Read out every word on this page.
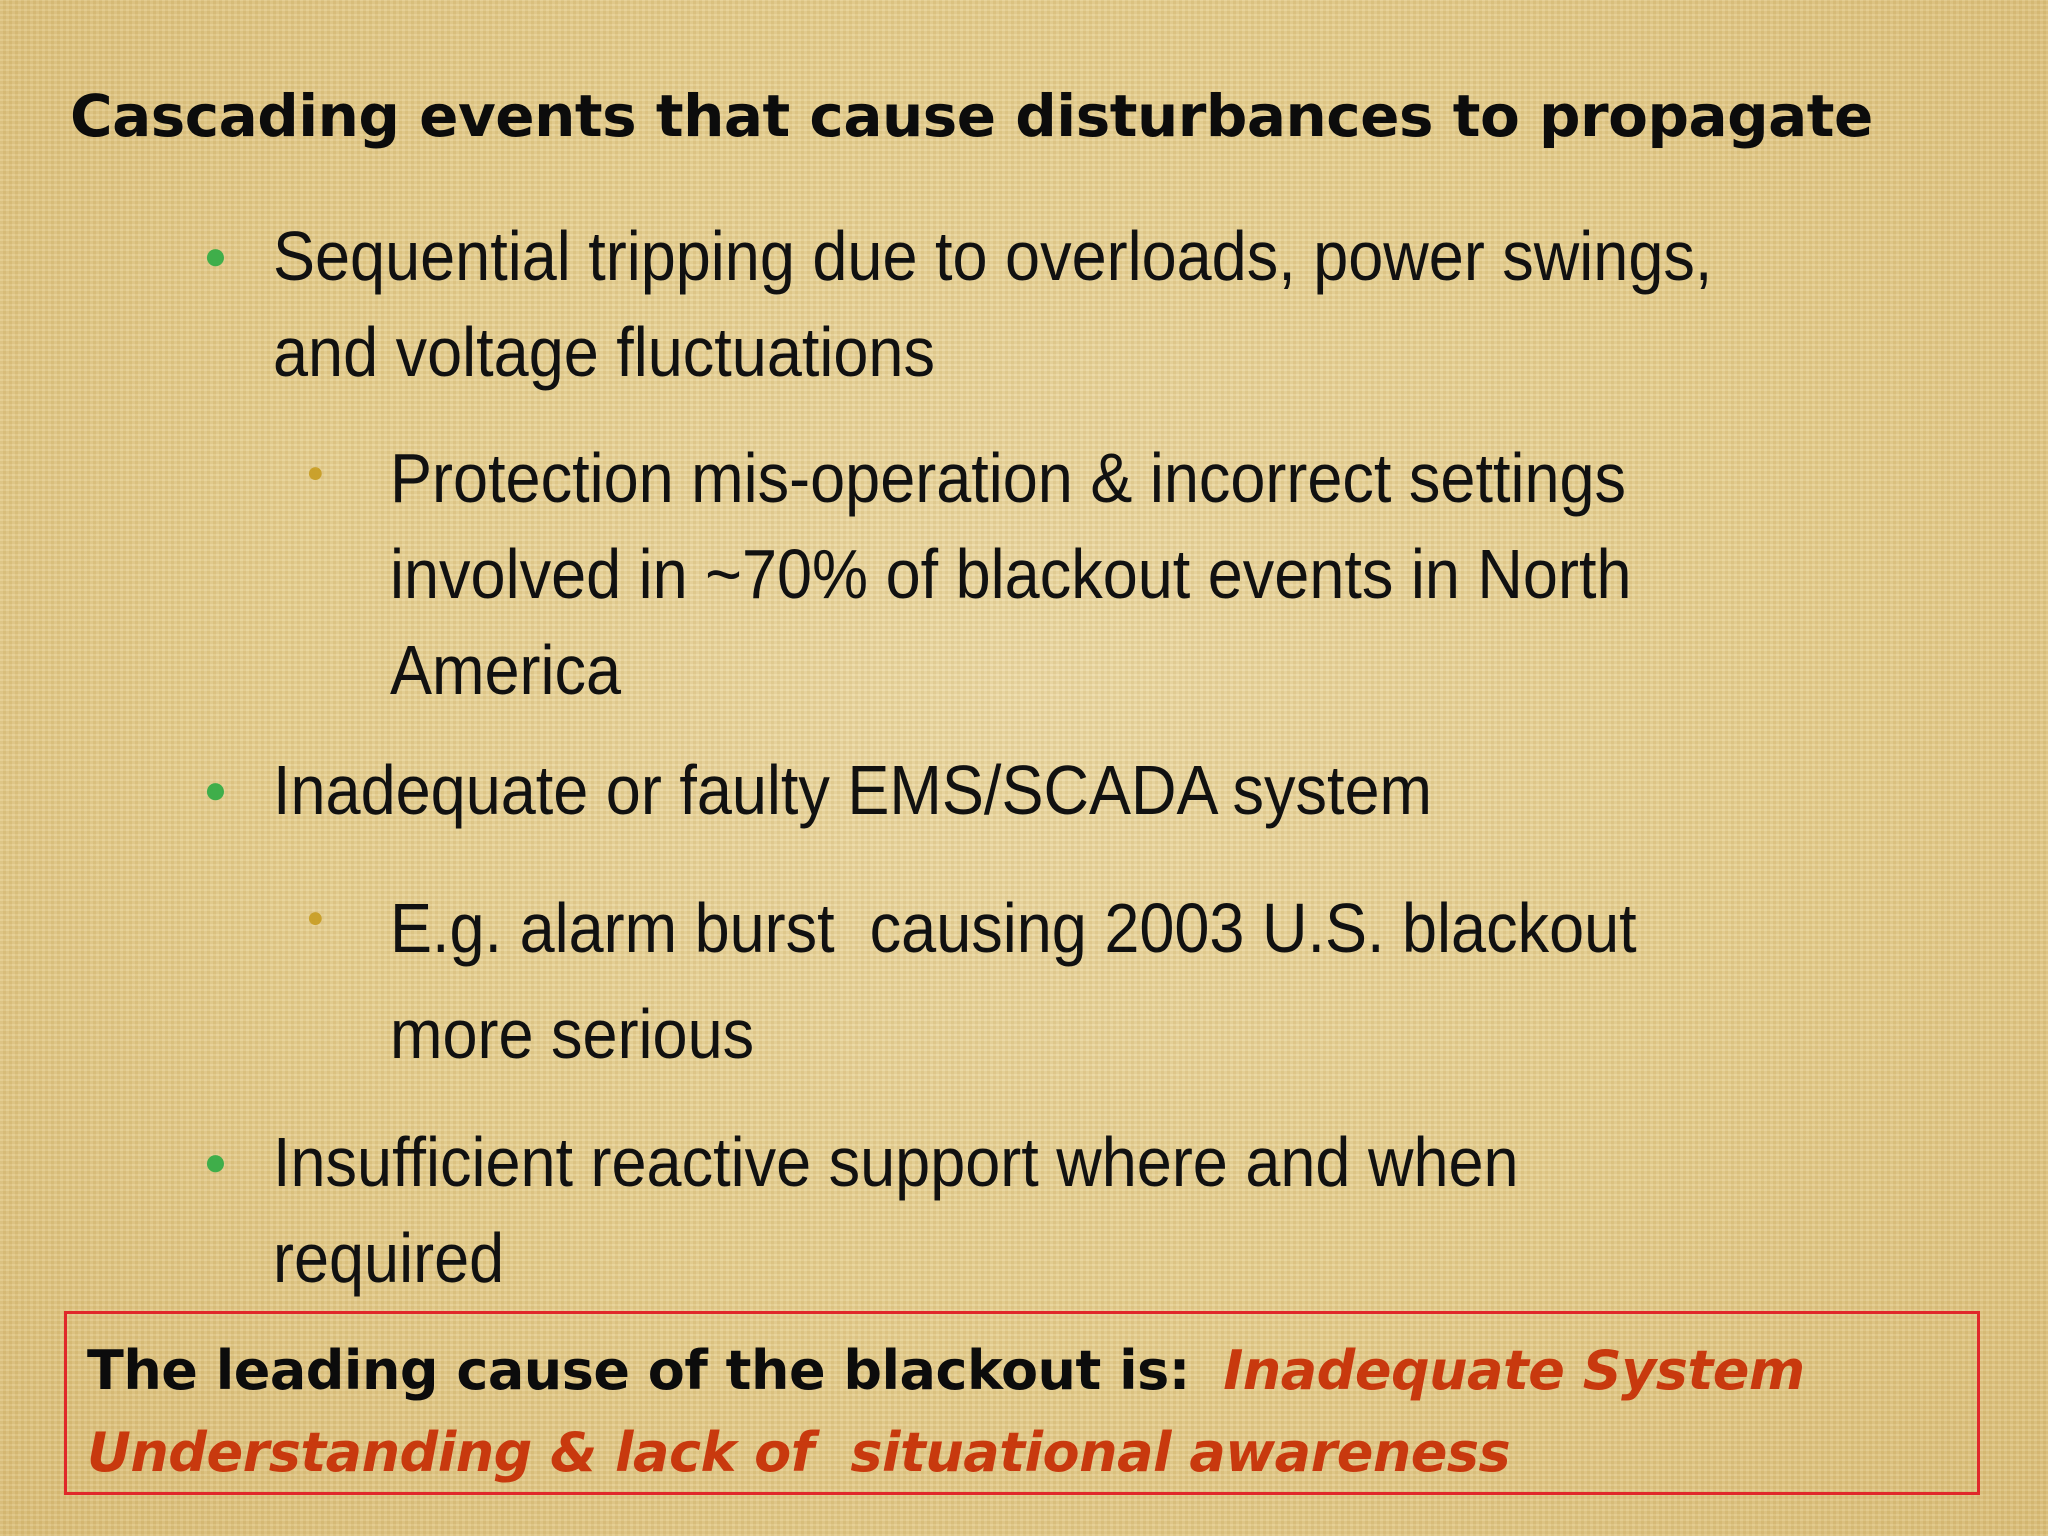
Cascading events that cause disturbances to propagate
● Sequential tripping due to overloads, power swings, and voltage fluctuations
● Protection mis-operation & incorrect settings involved in ~70% of blackout events in North America
● Inadequate or faulty EMS/SCADA system
● E.g. alarm burst  causing 2003 U.S. blackout more serious
● Insufficient reactive support where and when required
The leading cause of the blackout is: Inadequate System Understanding & lack of  situational awareness
